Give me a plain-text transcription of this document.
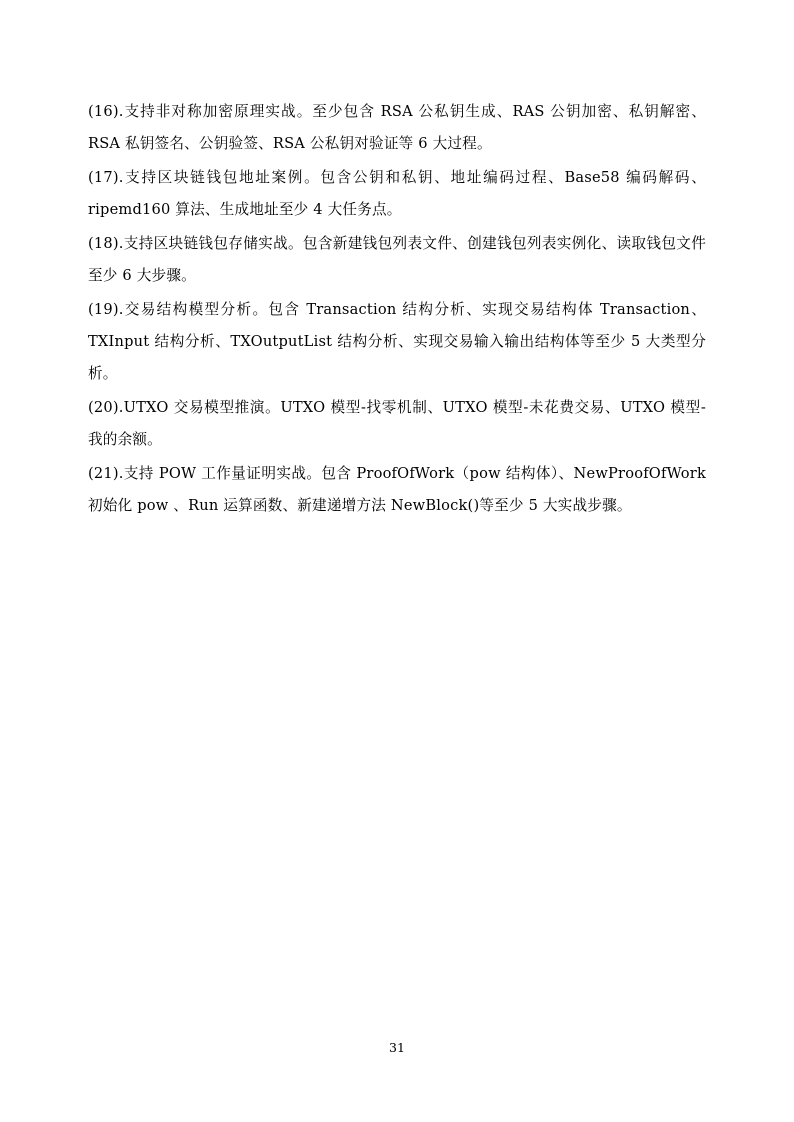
(16).支持非对称加密原理实战。至少包含 RSA 公私钥生成、RAS 公钥加密、私钥解密、RSA 私钥签名、公钥验签、RSA 公私钥对验证等 6 大过程。

(17).支持区块链钱包地址案例。包含公钥和私钥、地址编码过程、Base58 编码解码、ripemd160 算法、生成地址至少 4 大任务点。

(18).支持区块链钱包存储实战。包含新建钱包列表文件、创建钱包列表实例化、读取钱包文件至少 6 大步骤。

(19).交易结构模型分析。包含 Transaction 结构分析、实现交易结构体 Transaction、TXInput 结构分析、TXOutputList 结构分析、实现交易输入输出结构体等至少 5 大类型分析。

(20).UTXO 交易模型推演。UTXO 模型-找零机制、UTXO 模型-未花费交易、UTXO 模型-我的余额。

(21).支持 POW 工作量证明实战。包含 ProofOfWork（pow 结构体）、NewProofOfWork 初始化 pow 、Run 运算函数、新建递增方法 NewBlock()等至少 5 大实战步骤。

31
